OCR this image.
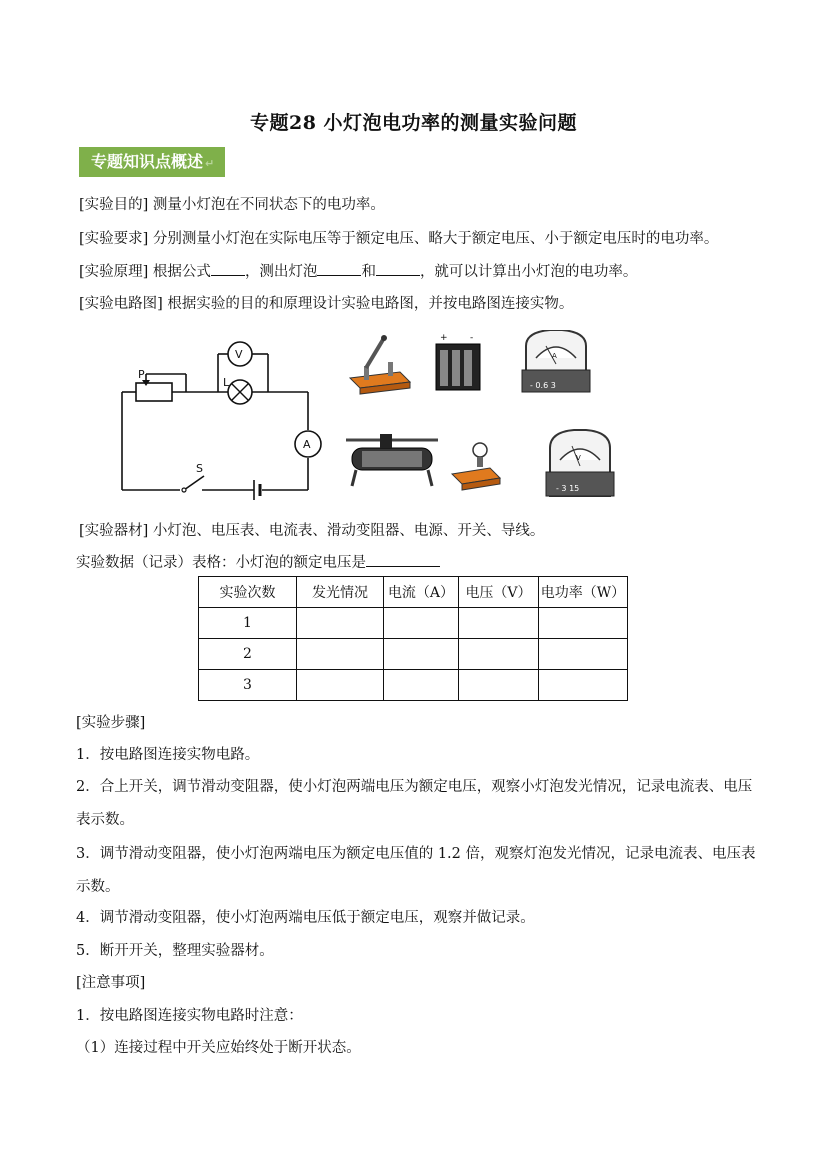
专题28 小灯泡电功率的测量实验问题
专题知识点概述 ↵
[实验目的] 测量小灯泡在不同状态下的电功率。
[实验要求] 分别测量小灯泡在实际电压等于额定电压、略大于额定电压、小于额定电压时的电功率。
[实验原理] 根据公式 ，测出灯泡	和	，就可以计算出小灯泡的电功率。
[实验电路图] 根据实验的目的和原理设计实验电路图，并按电路图连接实物。
P
V
L
A
S
+ -
A
- 0.6 3
V
- 3 15
[实验器材] 小灯泡、电压表、电流表、滑动变阻器、电源、开关、导线。
实验数据（记录）表格：小灯泡的额定电压是
实验次数	发光情况	电流（A）	电压（V）	电功率（W）
1				
2				
3				
[实验步骤]
1．按电路图连接实物电路。
2．合上开关，调节滑动变阻器，使小灯泡两端电压为额定电压，观察小灯泡发光情况，记录电流表、电压
表示数。
3．调节滑动变阻器，使小灯泡两端电压为额定电压值的 1.2 倍，观察灯泡发光情况，记录电流表、电压表
示数。
4．调节滑动变阻器，使小灯泡两端电压低于额定电压，观察并做记录。
5．断开开关，整理实验器材。
[注意事项]
1．按电路图连接实物电路时注意：
（1）连接过程中开关应始终处于断开状态。
